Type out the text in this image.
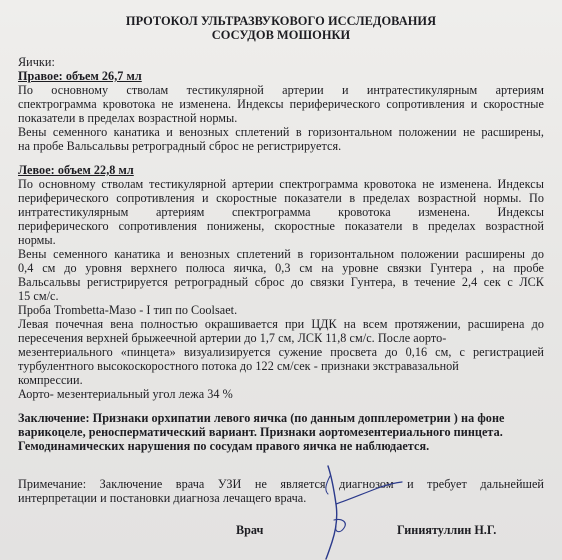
ПРОТОКОЛ УЛЬТРАЗВУКОВОГО ИССЛЕДОВАНИЯ
СОСУДОВ МОШОНКИ
Яички:
Правое: объем 26,7 мл
По основному стволам тестикулярной артерии и интратестикулярным артериям
спектрограмма кровотока не изменена. Индексы периферического сопротивления и скоростные
показатели в пределах возрастной нормы.
Вены семенного канатика и венозных сплетений в горизонтальном положении не расширены,
на пробе Вальсальвы ретроградный сброс не регистрируется.
Левое: объем 22,8 мл
По основному стволам тестикулярной артерии спектрограмма кровотока не изменена. Индексы
периферического сопротивления и скоростные показатели в пределах возрастной нормы. По
интратестикулярным артериям спектрограмма кровотока изменена. Индексы
периферического сопротивления понижены, скоростные показатели в пределах возрастной
нормы.
Вены семенного канатика и венозных сплетений в горизонтальном положении расширены до
0,4 см до уровня верхнего полюса яичка, 0,3 см на уровне связки Гунтера , на пробе
Вальсальвы регистрируется ретроградный сброс до связки Гунтера, в течение 2,4 сек с ЛСК
15 см/с.
Проба Trombetta-Мазо - I тип по Coolsaet.
Левая почечная вена полностью окрашивается при ЦДК на всем протяжении, расширена до
пересечения верхней брыжеечной артерии до 1,7 см, ЛСК 11,8 см/с. После аорто-
мезентериального «пинцета» визуализируется сужение просвета до 0,16 см, с регистрацией
турбулентного высокоскоростного потока до 122 см/сек - признаки экстравазальной
компрессии.
Аорто- мезентериальный угол лежа 34 %
Заключение: Признаки орхипатии левого яичка (по данным допплерометрии ) на фоне
варикоцеле, реноспермaтический вариант. Признаки аортомезентериального пинцета.
Гемодинамических нарушения по сосудам правого яичка не наблюдается.
Примечание: Заключение врача УЗИ не является диагнозом и требует дальнейшей
интерпретации и постановки диагноза лечащего врача.
Врач	Гиниятуллин Н.Г.
